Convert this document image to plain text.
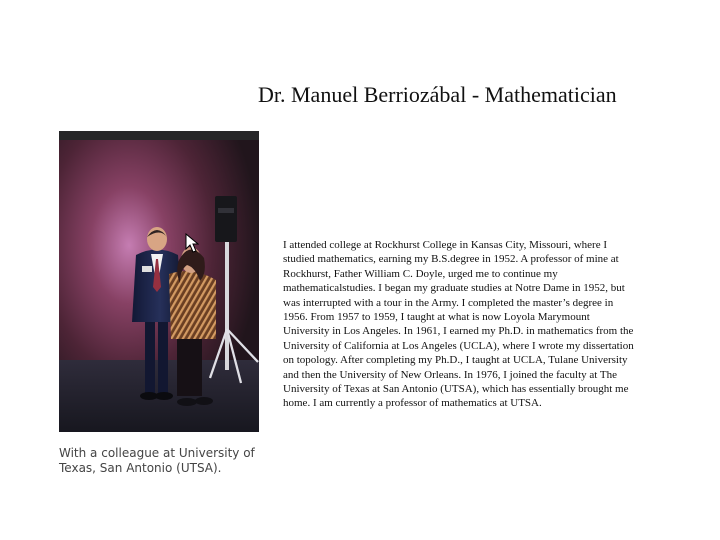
Dr. Manuel Berriozábal - Mathematician
With a colleague at University of Texas, San Antonio (UTSA).
I attended college at Rockhurst College in Kansas City, Missouri, where I studied mathematics, earning my B.S.degree in 1952. A professor of mine at Rockhurst, Father William C. Doyle, urged me to continue my mathematicalstudies. I began my graduate studies at Notre Dame in 1952, but was interrupted with a tour in the Army. I completed the master’s degree in 1956. From 1957 to 1959, I taught at what is now Loyola Marymount University in Los Angeles. In 1961, I earned my Ph.D. in mathematics from the University of California at Los Angeles (UCLA), where I wrote my dissertation on topology. After completing my Ph.D., I taught at UCLA, Tulane University and then the University of New Orleans. In 1976, I joined the faculty at The University of Texas at San Antonio (UTSA), which has essentially brought me home. I am currently a professor of mathematics at UTSA.
